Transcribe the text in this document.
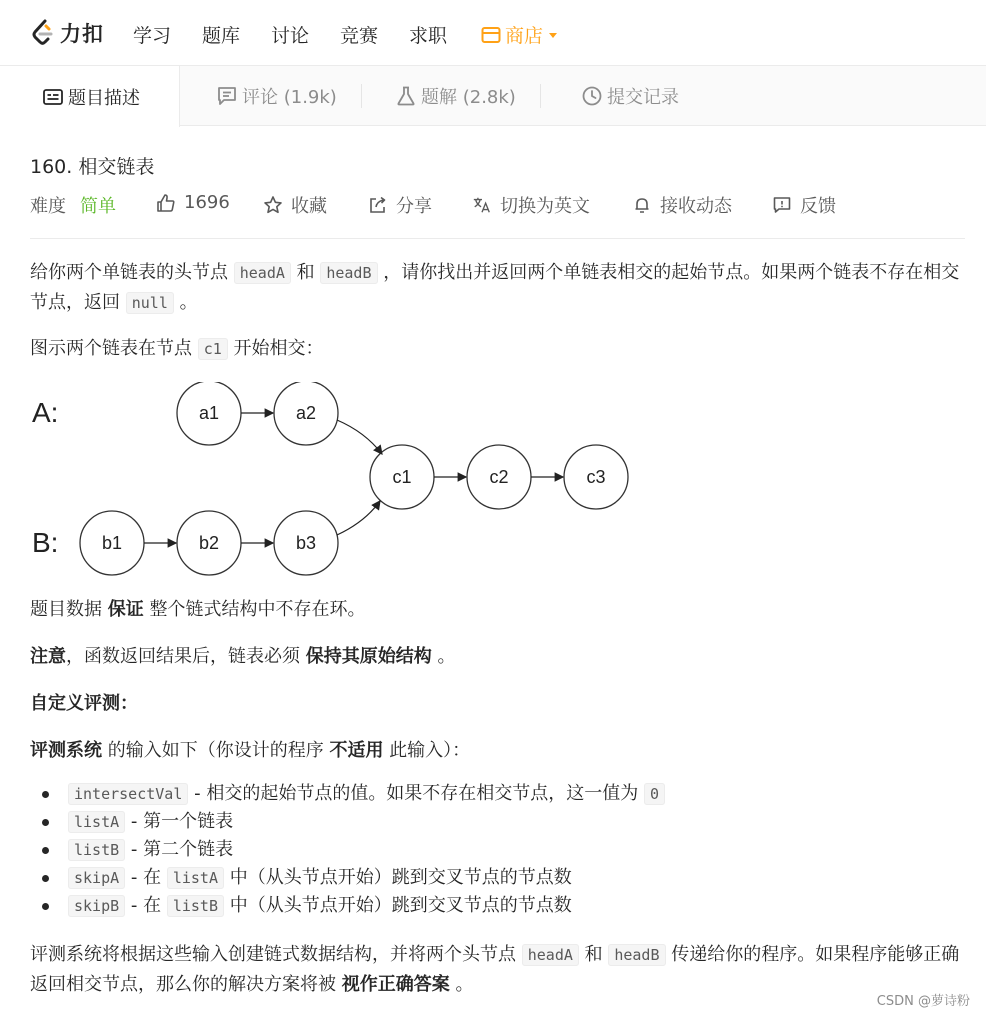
力扣 学习 题库 讨论 竞赛 求职	商店
题目描述	评论 (1.9k)	题解 (2.8k)	提交记录
160. 相交链表
难度 简单	1696	收藏	分享	切换为英文	接收动态	反馈
给你两个单链表的头节点 headA 和 headB ，请你找出并返回两个单链表相交的起始节点。如果两个链表不存在相交节点，返回 null 。
图示两个链表在节点 c1 开始相交：
A:
B:
a1	a2
b1	b2	b3
c1	c2	c3
题目数据 保证 整个链式结构中不存在环。
注意，函数返回结果后，链表必须 保持其原始结构 。
自定义评测：
评测系统 的输入如下（你设计的程序 不适用 此输入）：
intersectVal - 相交的起始节点的值。如果不存在相交节点，这一值为 0
listA - 第一个链表
listB - 第二个链表
skipA - 在 listA 中（从头节点开始）跳到交叉节点的节点数
skipB - 在 listB 中（从头节点开始）跳到交叉节点的节点数
评测系统将根据这些输入创建链式数据结构，并将两个头节点 headA 和 headB 传递给你的程序。如果程序能够正确返回相交节点，那么你的解决方案将被 视作正确答案 。
CSDN @萝诗粉
